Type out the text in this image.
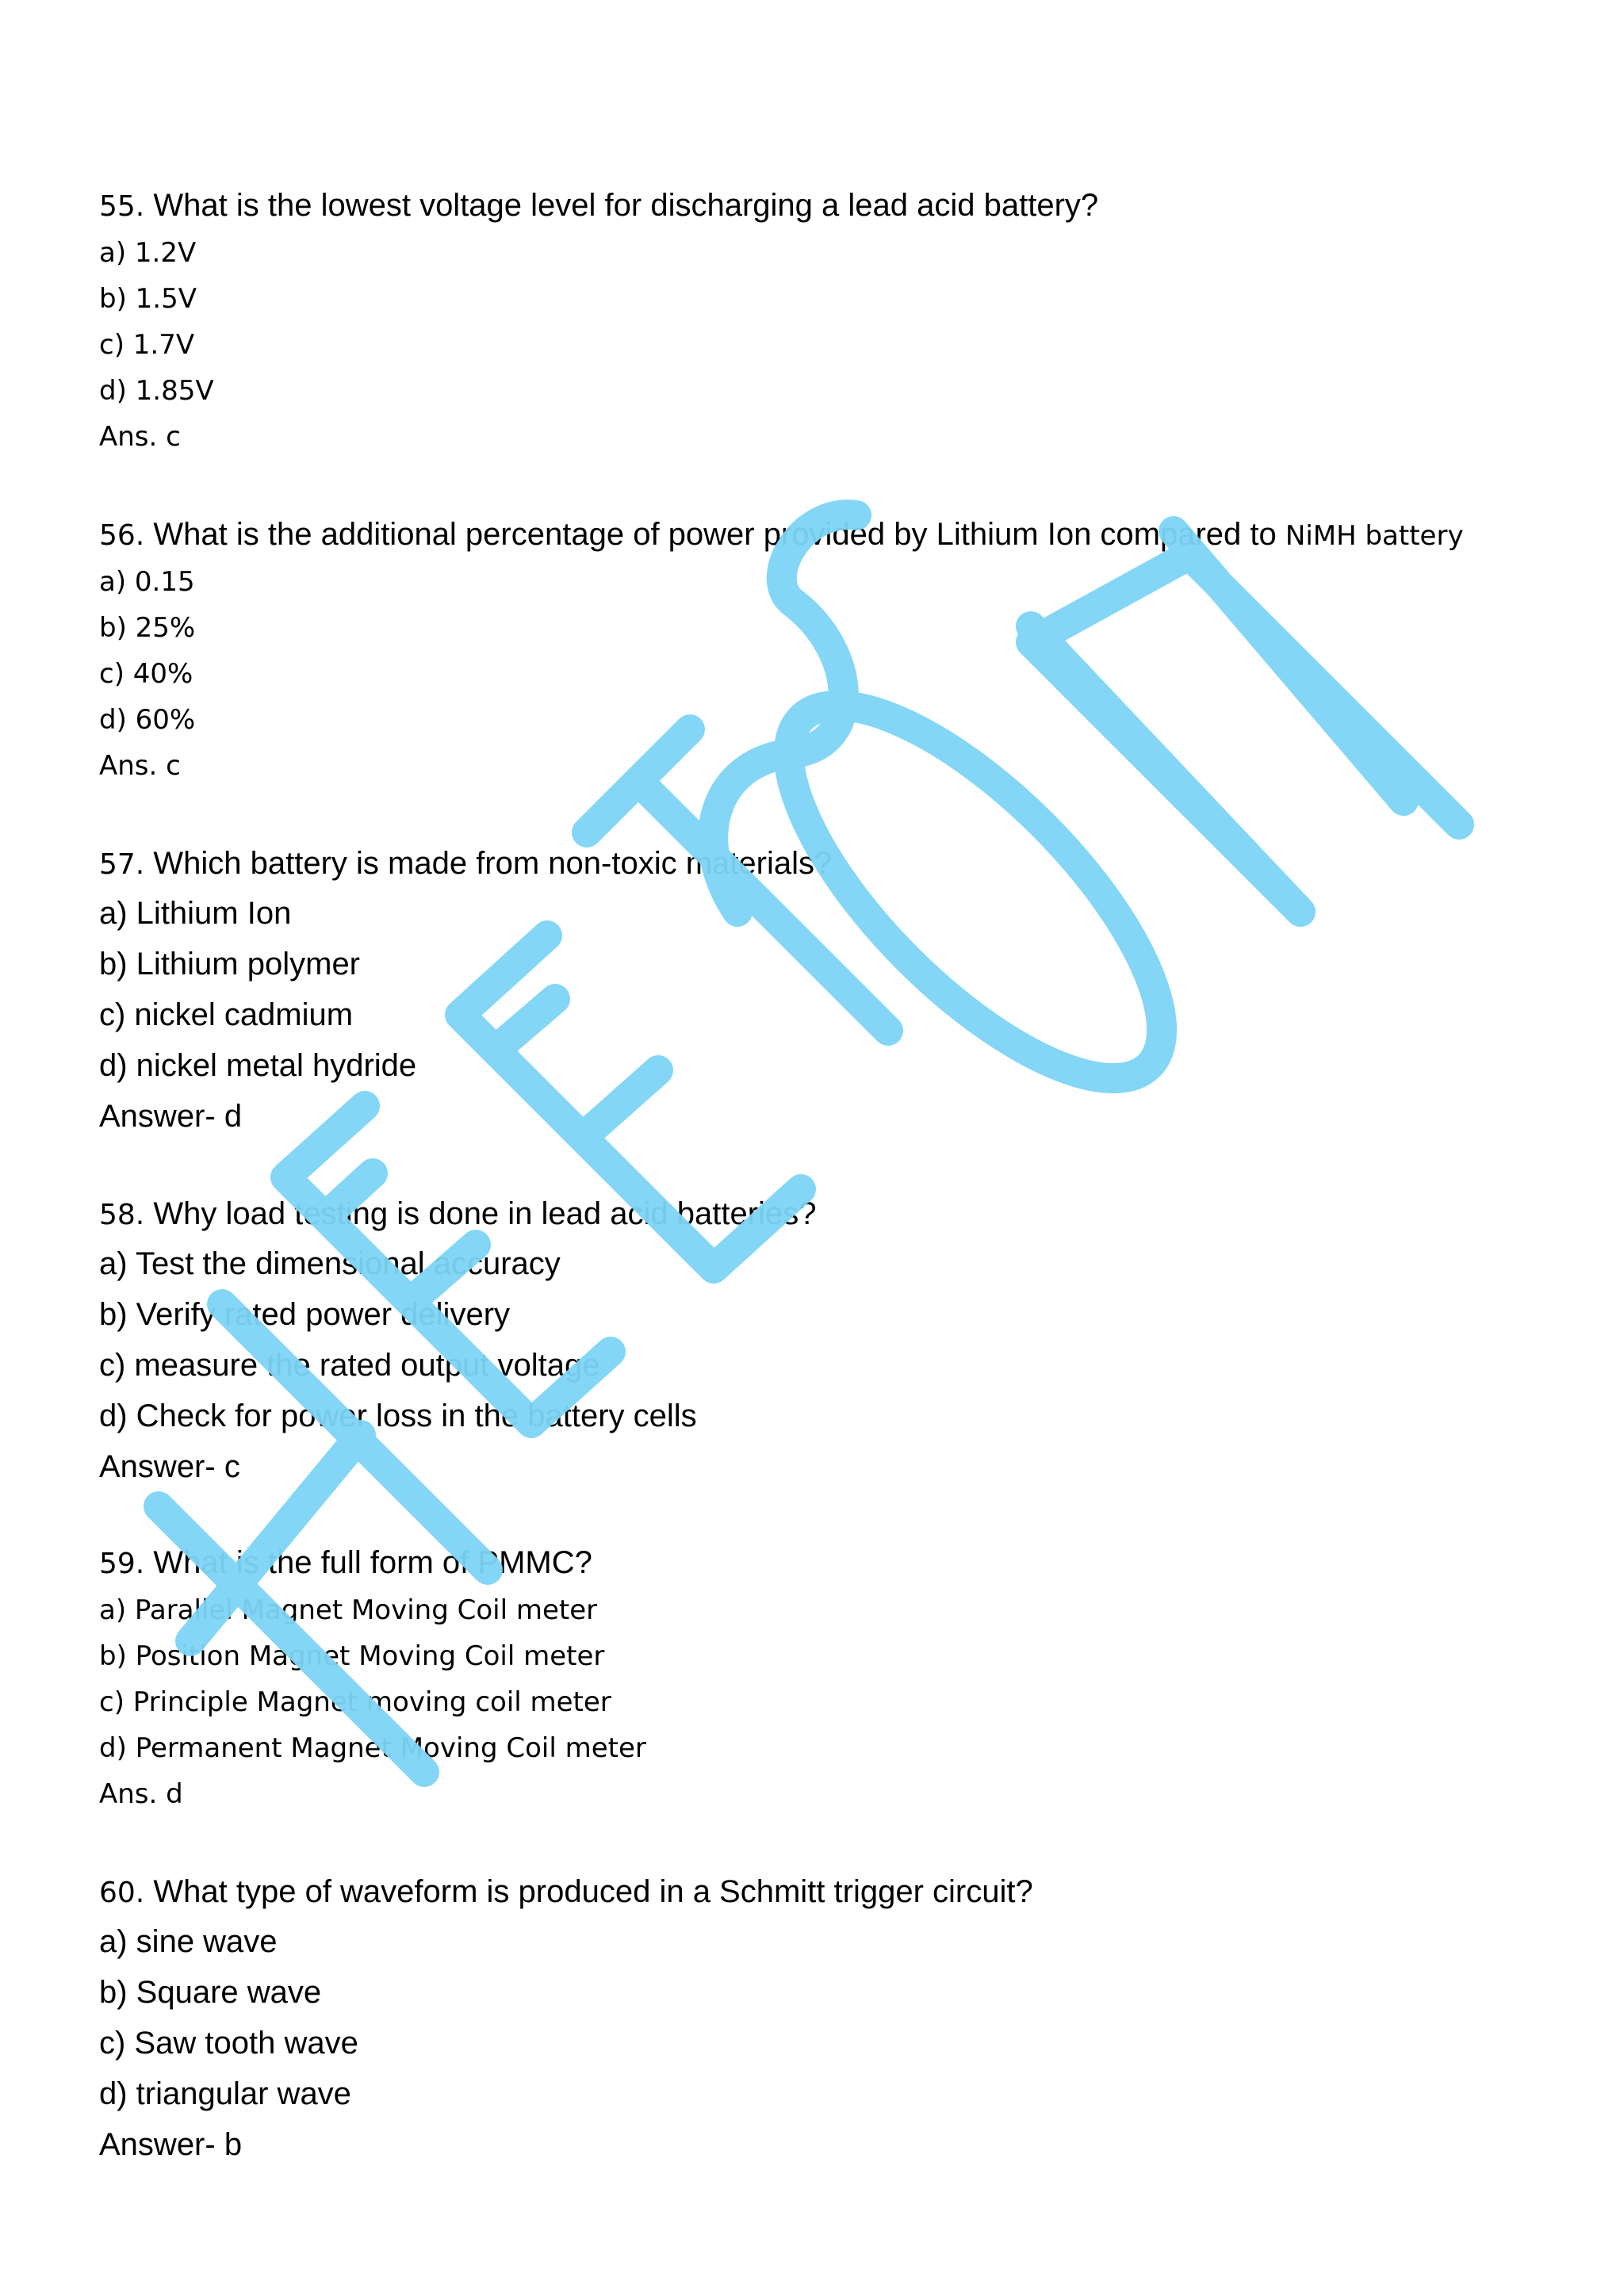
55. What is the lowest voltage level for discharging a lead acid battery?
a) 1.2V
b) 1.5V
c) 1.7V
d) 1.85V
Ans. c
56. What is the additional percentage of power provided by Lithium Ion compared to NiMH battery
a) 0.15
b) 25%
c) 40%
d) 60%
Ans. c
57. Which battery is made from non-toxic materials?
a) Lithium Ion
b) Lithium polymer
c) nickel cadmium
d) nickel metal hydride
Answer- d
58. Why load testing is done in lead acid batteries?
a) Test the dimensional accuracy
b) Verify rated power delivery
c) measure the rated output voltage
d) Check for power loss in the battery cells
Answer- c
59. What is the full form of PMMC?
a) Parallel Magnet Moving Coil meter
b) Position Magnet Moving Coil meter
c) Principle Magnet moving coil meter
d) Permanent Magnet Moving Coil meter
Ans. d
60. What type of waveform is produced in a Schmitt trigger circuit?
a) sine wave
b) Square wave
c) Saw tooth wave
d) triangular wave
Answer- b
